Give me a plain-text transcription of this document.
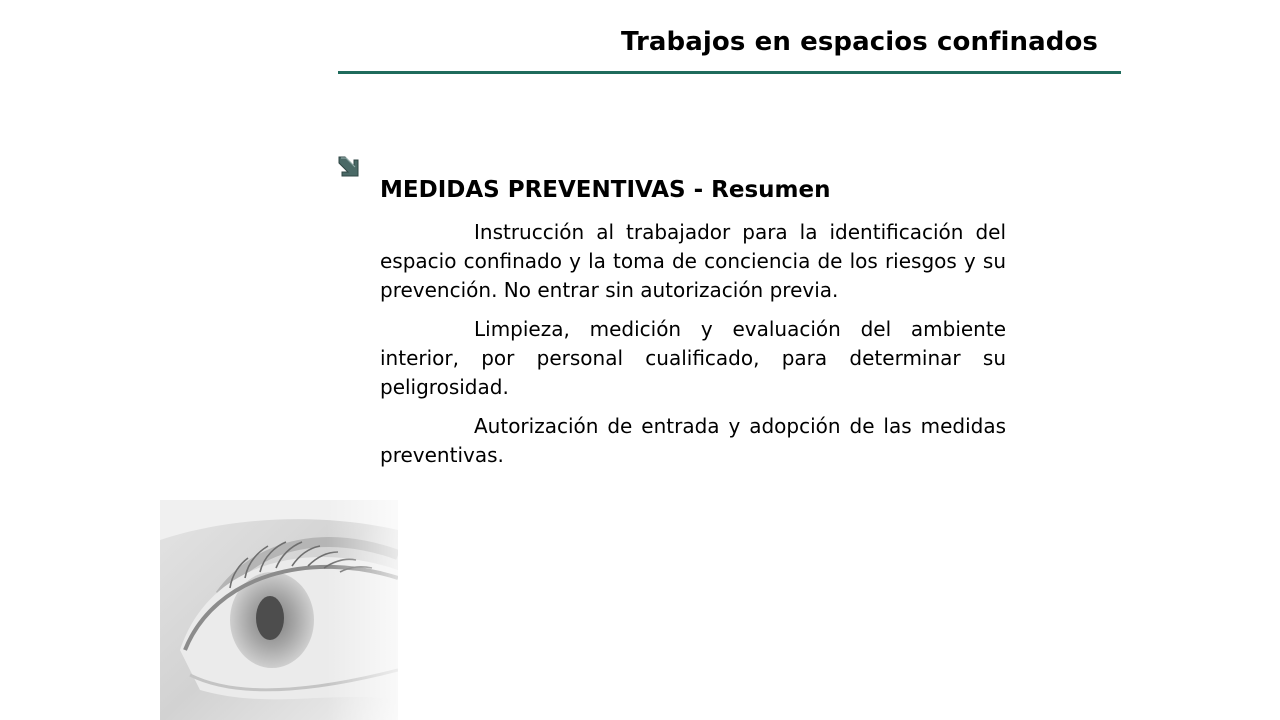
Trabajos en espacios confinados
MEDIDAS PREVENTIVAS - Resumen

Instrucción al trabajador para la identificación del espacio confinado y la toma de conciencia de los riesgos y su prevención. No entrar sin autorización previa.

Limpieza, medición y evaluación del ambiente interior, por personal cualificado, para determinar su peligrosidad.

Autorización de entrada y adopción de las medidas preventivas.
